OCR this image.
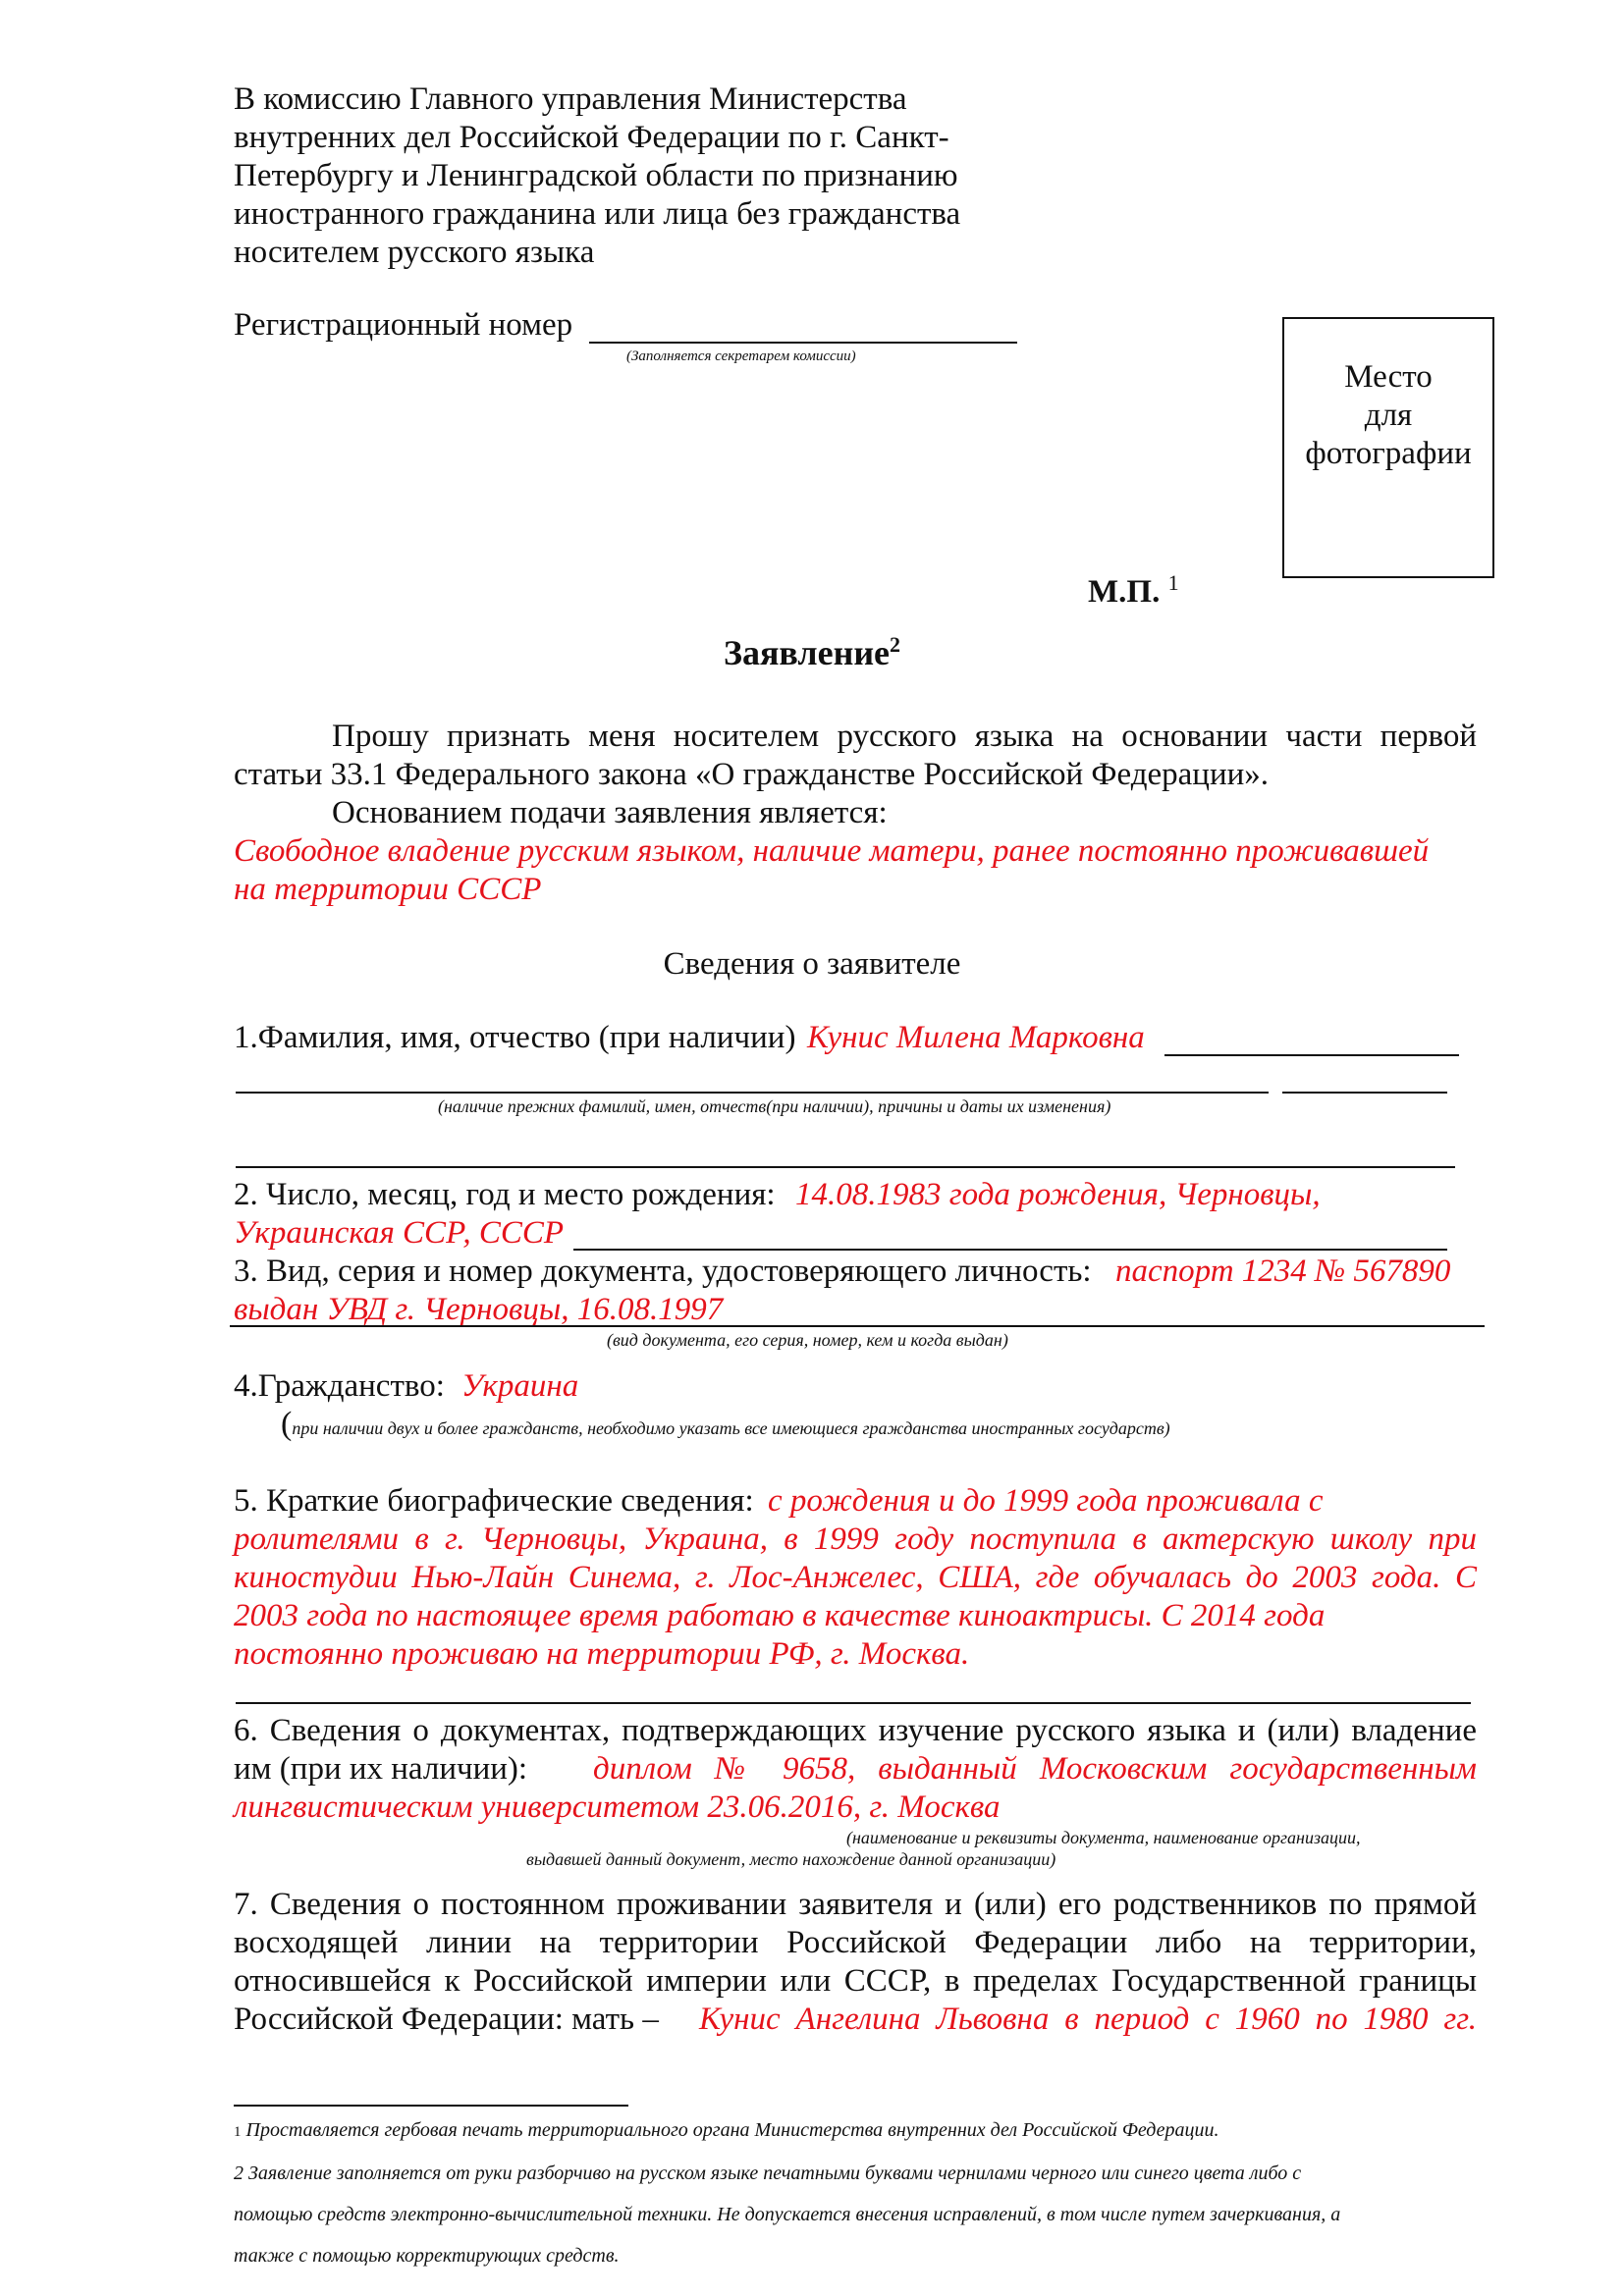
В комиссию Главного управления Министерства
внутренних дел Российской Федерации по г. Санкт-
Петербургу и Ленинградской области по признанию
иностранного гражданина или лица без гражданства
носителем русского языка
Регистрационный номер
(Заполняется секретарем комиссии)
Место
для
фотографии
М.П. $^1$
Заявление$^2$
Прошу признать меня носителем русского языка на основании части первой
статьи 33.1 Федерального закона «О гражданстве Российской Федерации».
Основанием подачи заявления является:
Свободное владение русским языком, наличие матери, ранее постоянно проживавшей
на территории СССР
Сведения о заявителе
1.Фамилия, имя, отчество (при наличии) Кунис Милена Марковна
(наличие прежних фамилий, имен, отчеств(при наличии), причины и даты их изменения)
2. Число, месяц, год и место рождения: 14.08.1983 года рождения, Черновцы,
Украинская ССР, СССР
3. Вид, серия и номер документа, удостоверяющего личность: паспорт 1234 № 567890
выдан УВД г. Черновцы, 16.08.1997
(вид документа, его серия, номер, кем и когда выдан)
4.Гражданство: Украина
(при наличии двух и более гражданств, необходимо указать все имеющиеся гражданства иностранных государств)
5. Краткие биографические сведения: с рождения и до 1999 года проживала с
ролителями в г. Черновцы, Украина, в 1999 году поступила в актерскую школу при
киностудии Нью-Лайн Синема, г. Лос-Анжелес, США, где обучалась до 2003 года. С
2003 года по настоящее время работаю в качестве киноактрисы. С 2014 года
постоянно проживаю на территории РФ, г. Москва.
6. Сведения о документах, подтверждающих изучение русского языка и (или) владение
им (при их наличии): диплом № 9658, выданный Московским государственным
лингвистическим университетом 23.06.2016, г. Москва
(наименование и реквизиты документа, наименование организации,
выдавшей данный документ, место нахождение данной организации)
7. Сведения о постоянном проживании заявителя и (или) его родственников по прямой
восходящей линии на территории Российской Федерации либо на территории,
относившейся к Российской империи или СССР, в пределах Государственной границы
Российской Федерации: мать – Кунис Ангелина Львовна в период с 1960 по 1980 гг.
1 Проставляется гербовая печать территориального органа Министерства внутренних дел Российской Федерации.
2 Заявление заполняется от руки разборчиво на русском языке печатными буквами чернилами черного или синего цвета либо с
помощью средств электронно-вычислительной техники. Не допускается внесения исправлений, в том числе путем зачеркивания, а
также с помощью корректирующих средств.
